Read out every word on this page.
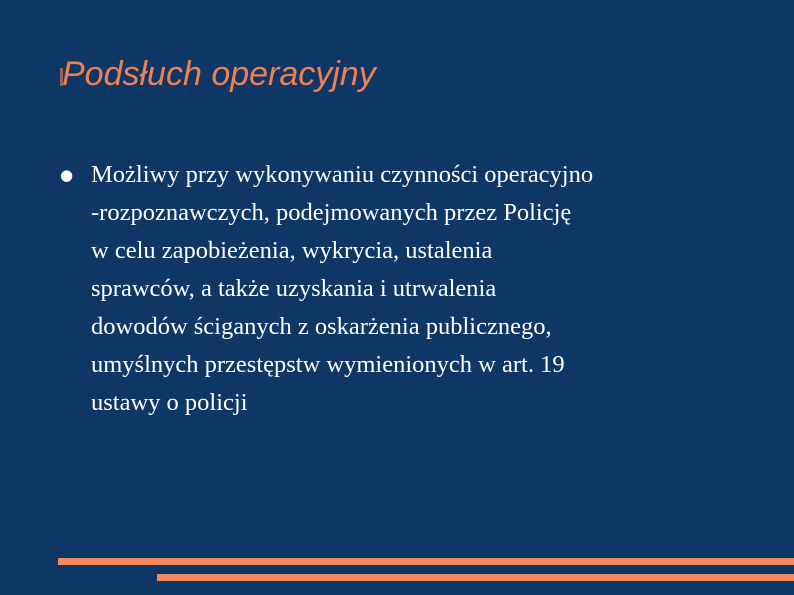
Podsłuch operacyjny
● Możliwy przy wykonywaniu czynności operacyjno
-rozpoznawczych, podejmowanych przez Policję
w celu zapobieżenia, wykrycia, ustalenia
sprawców, a także uzyskania i utrwalenia
dowodów ściganych z oskarżenia publicznego,
umyślnych przestępstw wymienionych w art. 19
ustawy o policji
